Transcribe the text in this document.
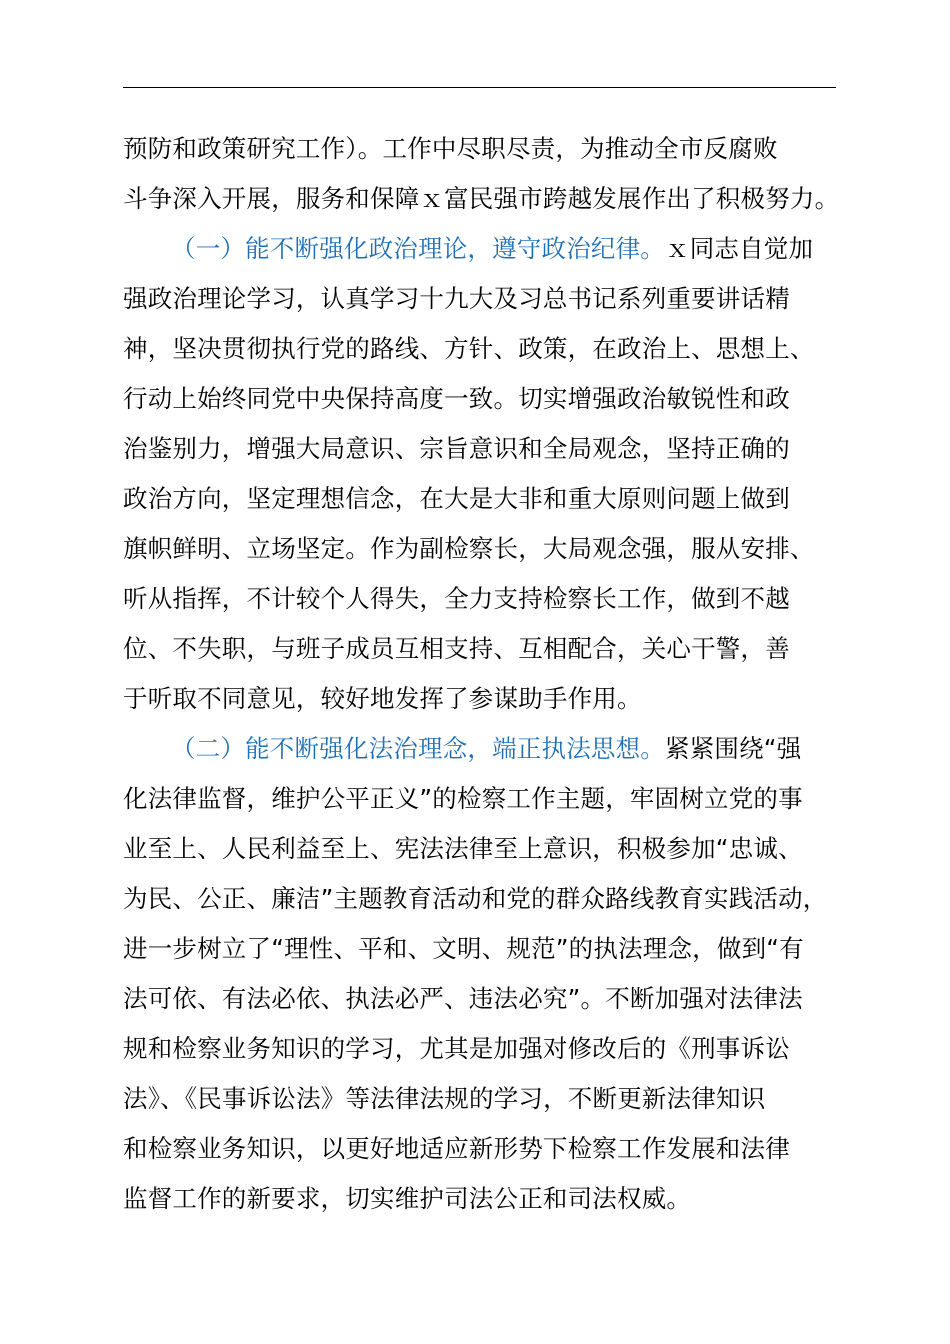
预防和政策研究工作）。工作中尽职尽责，为推动全市反腐败
斗争深入开展，服务和保障ｘ富民强市跨越发展作出了积极努力。
（一）能不断强化政治理论，遵守政治纪律。ｘ同志自觉加
强政治理论学习，认真学习十九大及习总书记系列重要讲话精
神，坚决贯彻执行党的路线、方针、政策，在政治上、思想上、
行动上始终同党中央保持高度一致。切实增强政治敏锐性和政
治鉴别力，增强大局意识、宗旨意识和全局观念，坚持正确的
政治方向，坚定理想信念，在大是大非和重大原则问题上做到
旗帜鲜明、立场坚定。作为副检察长，大局观念强，服从安排、
听从指挥，不计较个人得失，全力支持检察长工作，做到不越
位、不失职，与班子成员互相支持、互相配合，关心干警，善
于听取不同意见，较好地发挥了参谋助手作用。
（二）能不断强化法治理念，端正执法思想。紧紧围绕“强
化法律监督，维护公平正义”的检察工作主题，牢固树立党的事
业至上、人民利益至上、宪法法律至上意识，积极参加“忠诚、
为民、公正、廉洁”主题教育活动和党的群众路线教育实践活动，
进一步树立了“理性、平和、文明、规范”的执法理念，做到“有
法可依、有法必依、执法必严、违法必究”。不断加强对法律法
规和检察业务知识的学习，尤其是加强对修改后的《刑事诉讼
法》、《民事诉讼法》等法律法规的学习，不断更新法律知识
和检察业务知识，以更好地适应新形势下检察工作发展和法律
监督工作的新要求，切实维护司法公正和司法权威。
